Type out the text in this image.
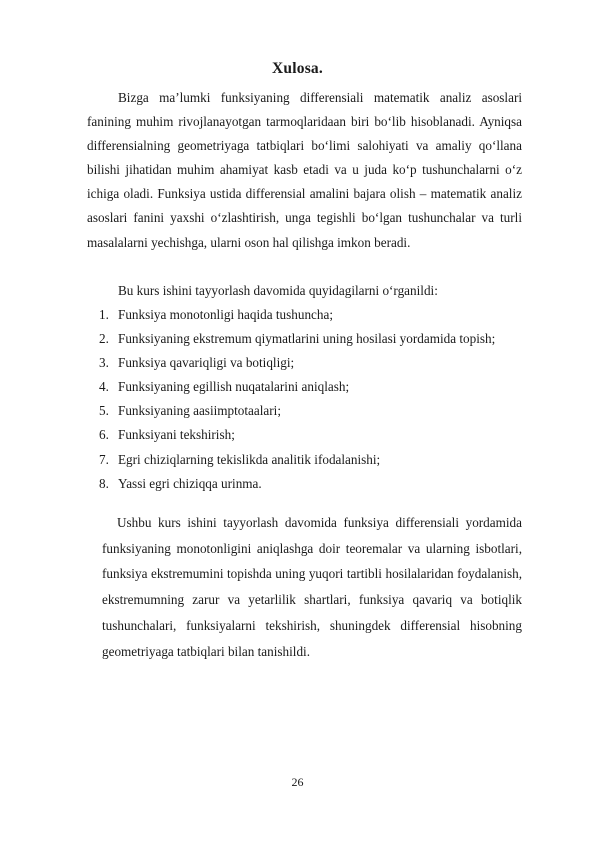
Xulosa.

Bizga ma’lumki funksiyaning differensiali matematik analiz asoslari fanining muhim rivojlanayotgan tarmoqlaridaan biri bo‘lib hisoblanadi. Ayniqsa differensialning geometriyaga tatbiqlari bo‘limi salohiyati va amaliy qo‘llana bilishi jihatidan muhim ahamiyat kasb etadi va u juda ko‘p tushunchalarni o‘z ichiga oladi. Funksiya ustida differensial amalini bajara olish – matematik analiz asoslari fanini yaxshi o‘zlashtirish, unga tegishli bo‘lgan tushunchalar va turli masalalarni yechishga, ularni oson hal qilishga imkon beradi.

Bu kurs ishini tayyorlash davomida quyidagilarni o‘rganildi:
1. Funksiya monotonligi haqida tushuncha;
2. Funksiyaning ekstremum qiymatlarini uning hosilasi yordamida topish;
3. Funksiya qavariqligi va botiqligi;
4. Funksiyaning egillish nuqatalarini aniqlash;
5. Funksiyaning aasiimptotaalari;
6. Funksiyani tekshirish;
7. Egri chiziqlarning tekislikda analitik ifodalanishi;
8. Yassi egri chiziqqa urinma.

Ushbu kurs ishini tayyorlash davomida funksiya differensiali yordamida funksiyaning monotonligini aniqlashga doir teoremalar va ularning isbotlari, funksiya ekstremumini topishda uning yuqori tartibli hosilalaridan foydalanish, ekstremumning zarur va yetarlilik shartlari, funksiya qavariq va botiqlik tushunchalari, funksiyalarni tekshirish, shuningdek differensial hisobning geometriyaga tatbiqlari bilan tanishildi.

26
